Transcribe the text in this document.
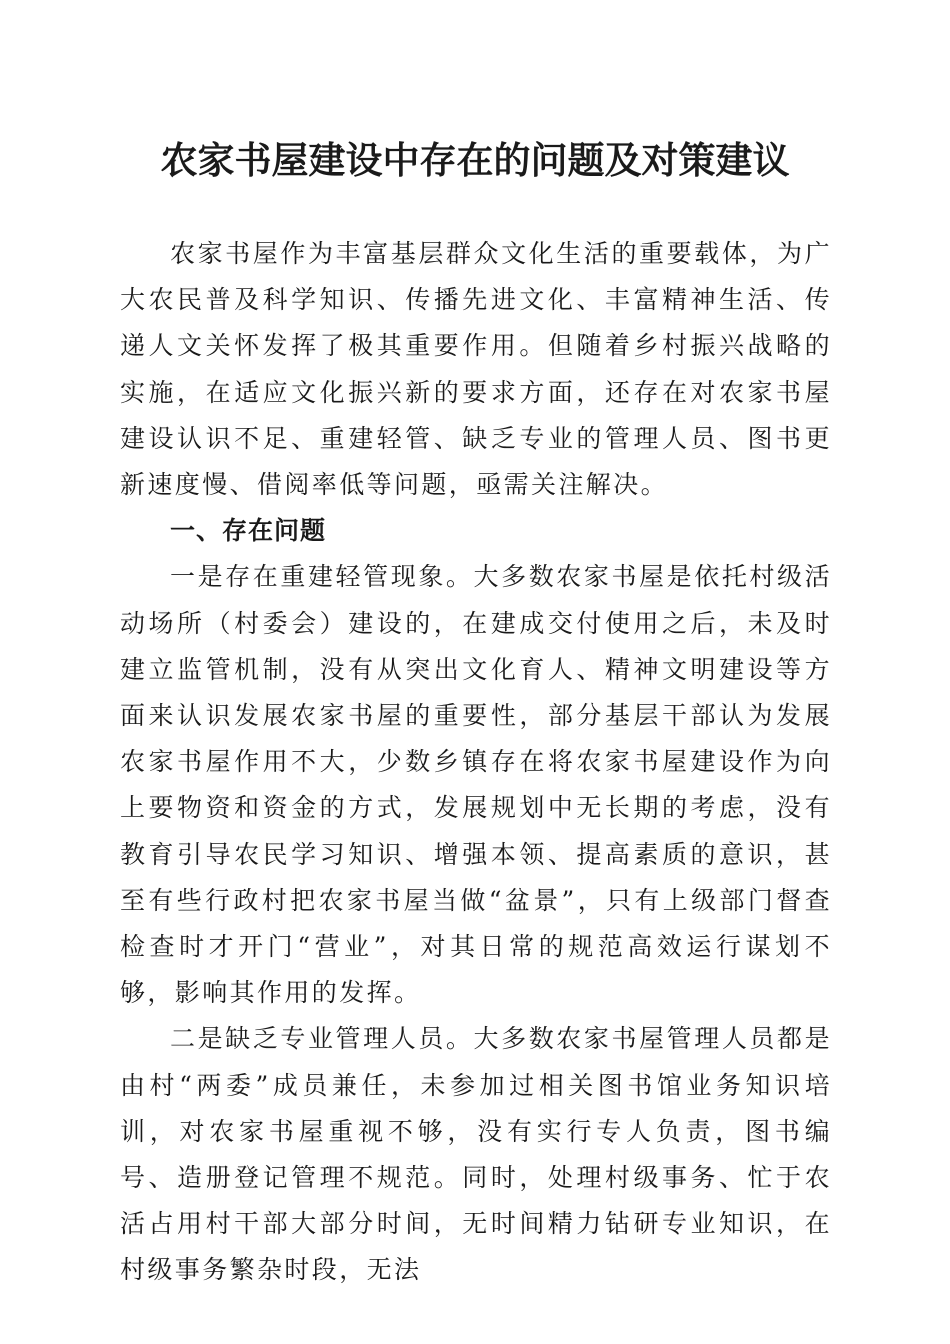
农家书屋建设中存在的问题及对策建议

农家书屋作为丰富基层群众文化生活的重要载体，为广大农民普及科学知识、传播先进文化、丰富精神生活、传递人文关怀发挥了极其重要作用。但随着乡村振兴战略的实施，在适应文化振兴新的要求方面，还存在对农家书屋建设认识不足、重建轻管、缺乏专业的管理人员、图书更新速度慢、借阅率低等问题，亟需关注解决。

一、存在问题

一是存在重建轻管现象。大多数农家书屋是依托村级活动场所（村委会）建设的，在建成交付使用之后，未及时建立监管机制，没有从突出文化育人、精神文明建设等方面来认识发展农家书屋的重要性，部分基层干部认为发展农家书屋作用不大，少数乡镇存在将农家书屋建设作为向上要物资和资金的方式，发展规划中无长期的考虑，没有教育引导农民学习知识、增强本领、提高素质的意识，甚至有些行政村把农家书屋当做“盆景”，只有上级部门督查检查时才开门“营业”，对其日常的规范高效运行谋划不够，影响其作用的发挥。

二是缺乏专业管理人员。大多数农家书屋管理人员都是由村“两委”成员兼任，未参加过相关图书馆业务知识培训，对农家书屋重视不够，没有实行专人负责，图书编号、造册登记管理不规范。同时，处理村级事务、忙于农活占用村干部大部分时间，无时间精力钻研专业知识，在村级事务繁杂时段，无法
